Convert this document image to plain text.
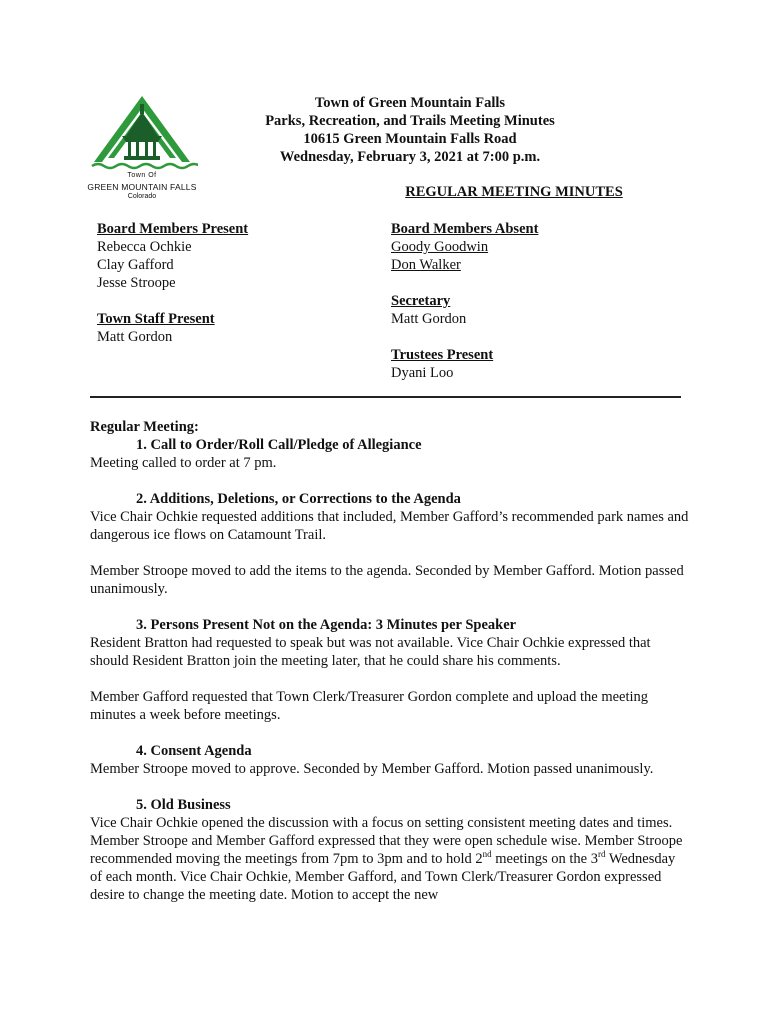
Town Of
GREEN MOUNTAIN FALLS
Colorado
Town of Green Mountain Falls
Parks, Recreation, and Trails Meeting Minutes
10615 Green Mountain Falls Road
Wednesday, February 3, 2021 at 7:00 p.m.
REGULAR MEETING MINUTES
Board Members Present
Rebecca Ochkie
Clay Gafford
Jesse Stroope
Town Staff Present
Matt Gordon
Board Members Absent
Goody Goodwin
Don Walker
Secretary
Matt Gordon
Trustees Present
Dyani Loo

Regular Meeting:

1. Call to Order/Roll Call/Pledge of Allegiance

Meeting called to order at 7 pm.

2. Additions, Deletions, or Corrections to the Agenda

Vice Chair Ochkie requested additions that included, Member Gafford’s recommended park names and dangerous ice flows on Catamount Trail.

Member Stroope moved to add the items to the agenda. Seconded by Member Gafford. Motion passed unanimously.

3. Persons Present Not on the Agenda: 3 Minutes per Speaker

Resident Bratton had requested to speak but was not available. Vice Chair Ochkie expressed that should Resident Bratton join the meeting later, that he could share his comments.

Member Gafford requested that Town Clerk/Treasurer Gordon complete and upload the meeting minutes a week before meetings.

4. Consent Agenda

Member Stroope moved to approve. Seconded by Member Gafford. Motion passed unanimously.

5. Old Business

Vice Chair Ochkie opened the discussion with a focus on setting consistent meeting dates and times. Member Stroope and Member Gafford expressed that they were open schedule wise. Member Stroope recommended moving the meetings from 7pm to 3pm and to hold 2nd meetings on the 3rd Wednesday of each month. Vice Chair Ochkie, Member Gafford, and Town Clerk/Treasurer Gordon expressed desire to change the meeting date. Motion to accept the new
